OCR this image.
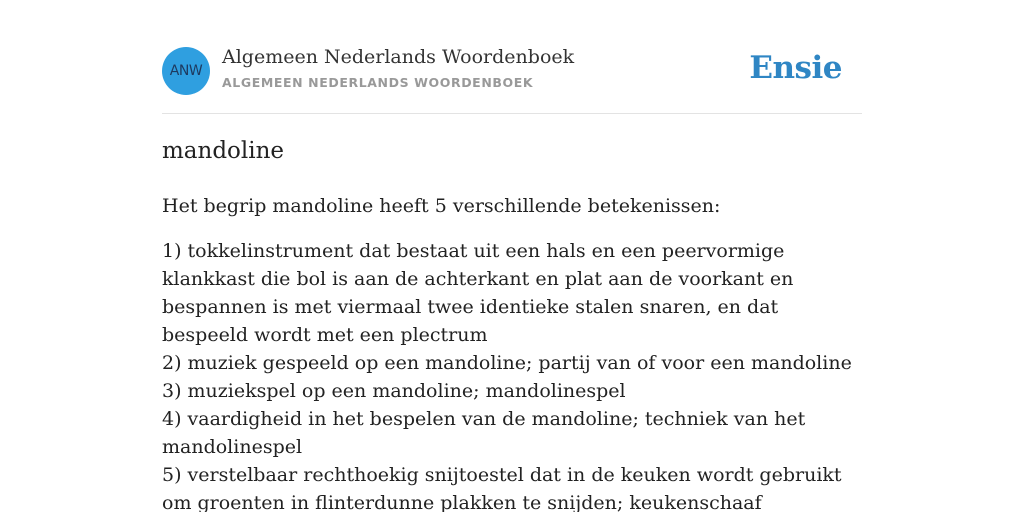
ANW
Algemeen Nederlands Woordenboek
ALGEMEEN NEDERLANDS WOORDENBOEK	Ensie
mandoline

Het begrip mandoline heeft 5 verschillende betekenissen:

1) tokkelinstrument dat bestaat uit een hals en een peervormige klankkast die bol is aan de achterkant en plat aan de voorkant en bespannen is met viermaal twee identieke stalen snaren, en dat bespeeld wordt met een plectrum
2) muziek gespeeld op een mandoline; partij van of voor een mandoline
3) muziekspel op een mandoline; mandolinespel
4) vaardigheid in het bespelen van de mandoline; techniek van het mandolinespel
5) verstelbaar rechthoekig snijtoestel dat in de keuken wordt gebruikt om groenten in flinterdunne plakken te snijden; keukenschaaf
